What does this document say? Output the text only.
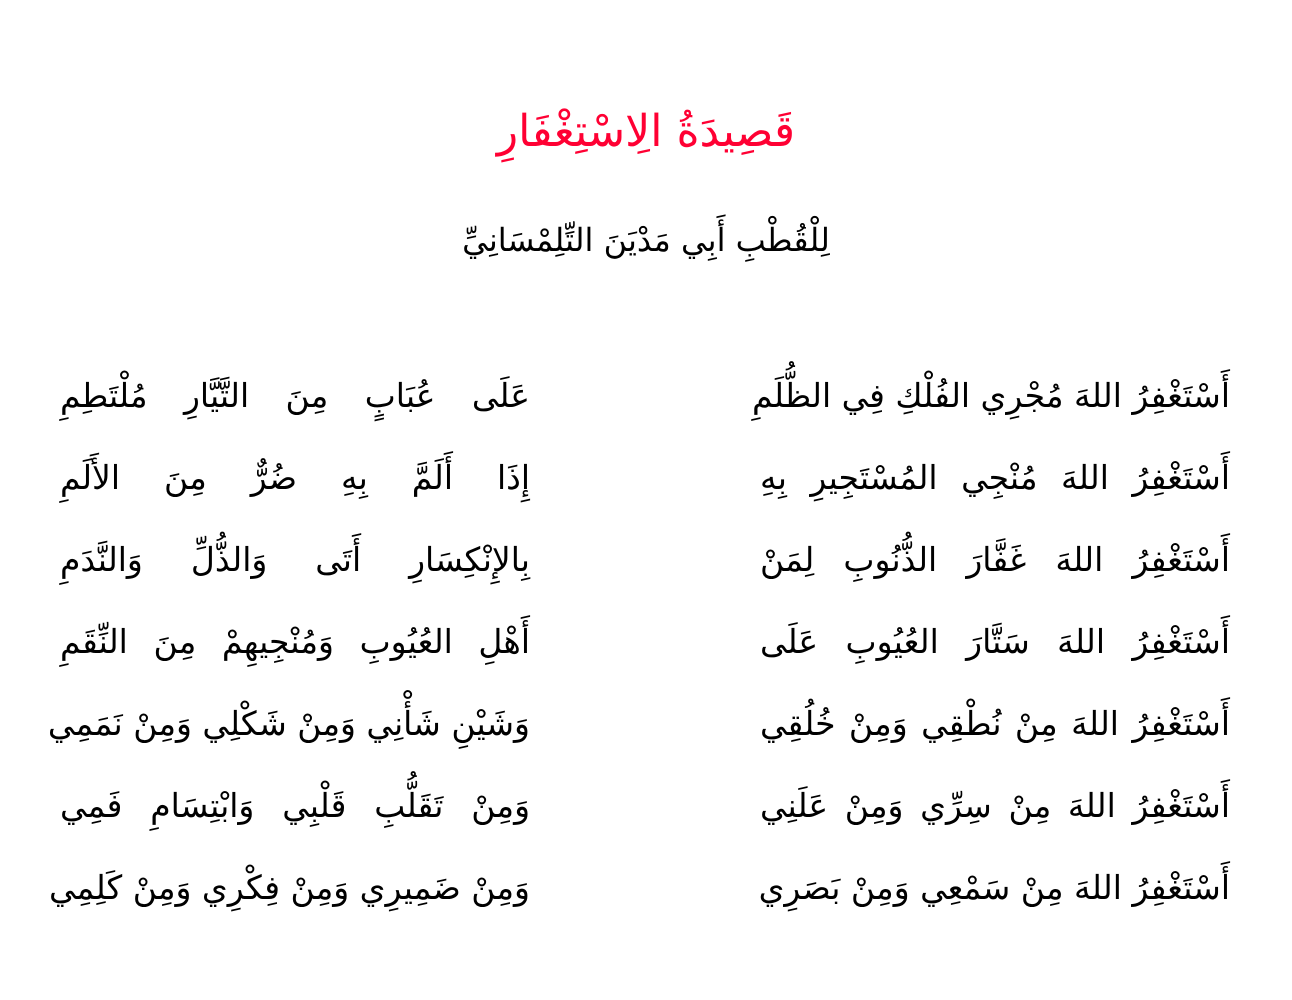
قَصِيدَةُ الِاسْتِغْفَارِ
لِلْقُطْبِ أَبِي مَدْيَنَ التِّلِمْسَانِيِّ
أَسْتَغْفِرُ اللهَ مُجْرِي الفُلْكِ فِي الظُّلَمِ
عَلَى عُبَابٍ مِنَ التَّيَّارِ مُلْتَطِمِ
أَسْتَغْفِرُ اللهَ مُنْجِي المُسْتَجِيرِ بِهِ
إِذَا أَلَمَّ بِهِ ضُرٌّ مِنَ الأَلَمِ
أَسْتَغْفِرُ اللهَ غَفَّارَ الذُّنُوبِ لِمَنْ
بِالإِنْكِسَارِ أَتَى وَالذُّلِّ وَالنَّدَمِ
أَسْتَغْفِرُ اللهَ سَتَّارَ العُيُوبِ عَلَى
أَهْلِ العُيُوبِ وَمُنْجِيهِمْ مِنَ النِّقَمِ
أَسْتَغْفِرُ اللهَ مِنْ نُطْقِي وَمِنْ خُلُقِي
وَشَيْنِ شَأْنِي وَمِنْ شَكْلِي وَمِنْ نَمَمِي
أَسْتَغْفِرُ اللهَ مِنْ سِرِّي وَمِنْ عَلَنِي
وَمِنْ تَقَلُّبِ قَلْبِي وَابْتِسَامِ فَمِي
أَسْتَغْفِرُ اللهَ مِنْ سَمْعِي وَمِنْ بَصَرِي
وَمِنْ ضَمِيرِي وَمِنْ فِكْرِي وَمِنْ كَلِمِي
